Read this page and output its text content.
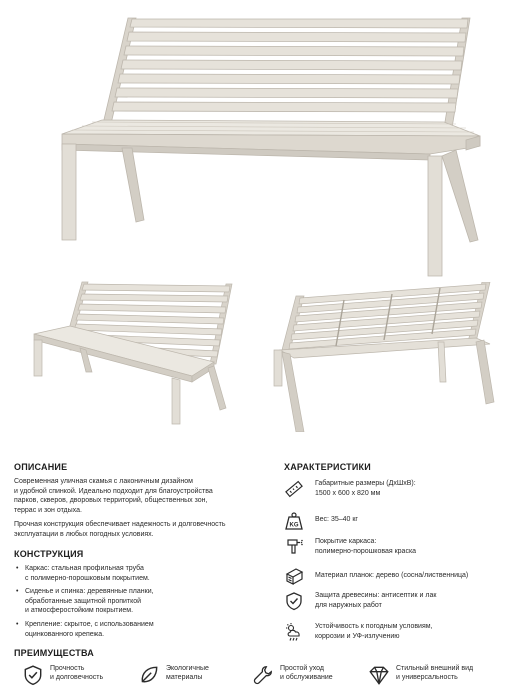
ОПИСАНИЕ
Современная уличная скамья с лаконичным дизайном
и удобной спинкой. Идеально подходит для благоустройства
парков, скверов, дворовых территорий, общественных зон,
террас и зон отдыха.
Прочная конструкция обеспечивает надежность и долговечность
эксплуатации в любых погодных условиях.
КОНСТРУКЦИЯ
• Каркас: стальная профильная труба
с полимерно-порошковым покрытием.
• Сиденье и спинка: деревянные планки,
обработанные защитной пропиткой
и атмосферостойким покрытием.
• Крепление: скрытое, с использованием
оцинкованного крепежа.
ХАРАКТЕРИСТИКИ
Габаритные размеры (ДхШхВ):
1500 х 600 х 820 мм
KG
Вес: 35–40 кг
Покрытие каркаса:
полимерно-порошковая краска
Материал планок: дерево (сосна/лиственница)
Защита древесины: антисептик и лак
для наружных работ
Устойчивость к погодным условиям,
коррозии и УФ-излучению
ПРЕИМУЩЕСТВА
Прочность
и долговечность
Экологичные
материалы
Простой уход
и обслуживание
Стильный внешний вид
и универсальность
